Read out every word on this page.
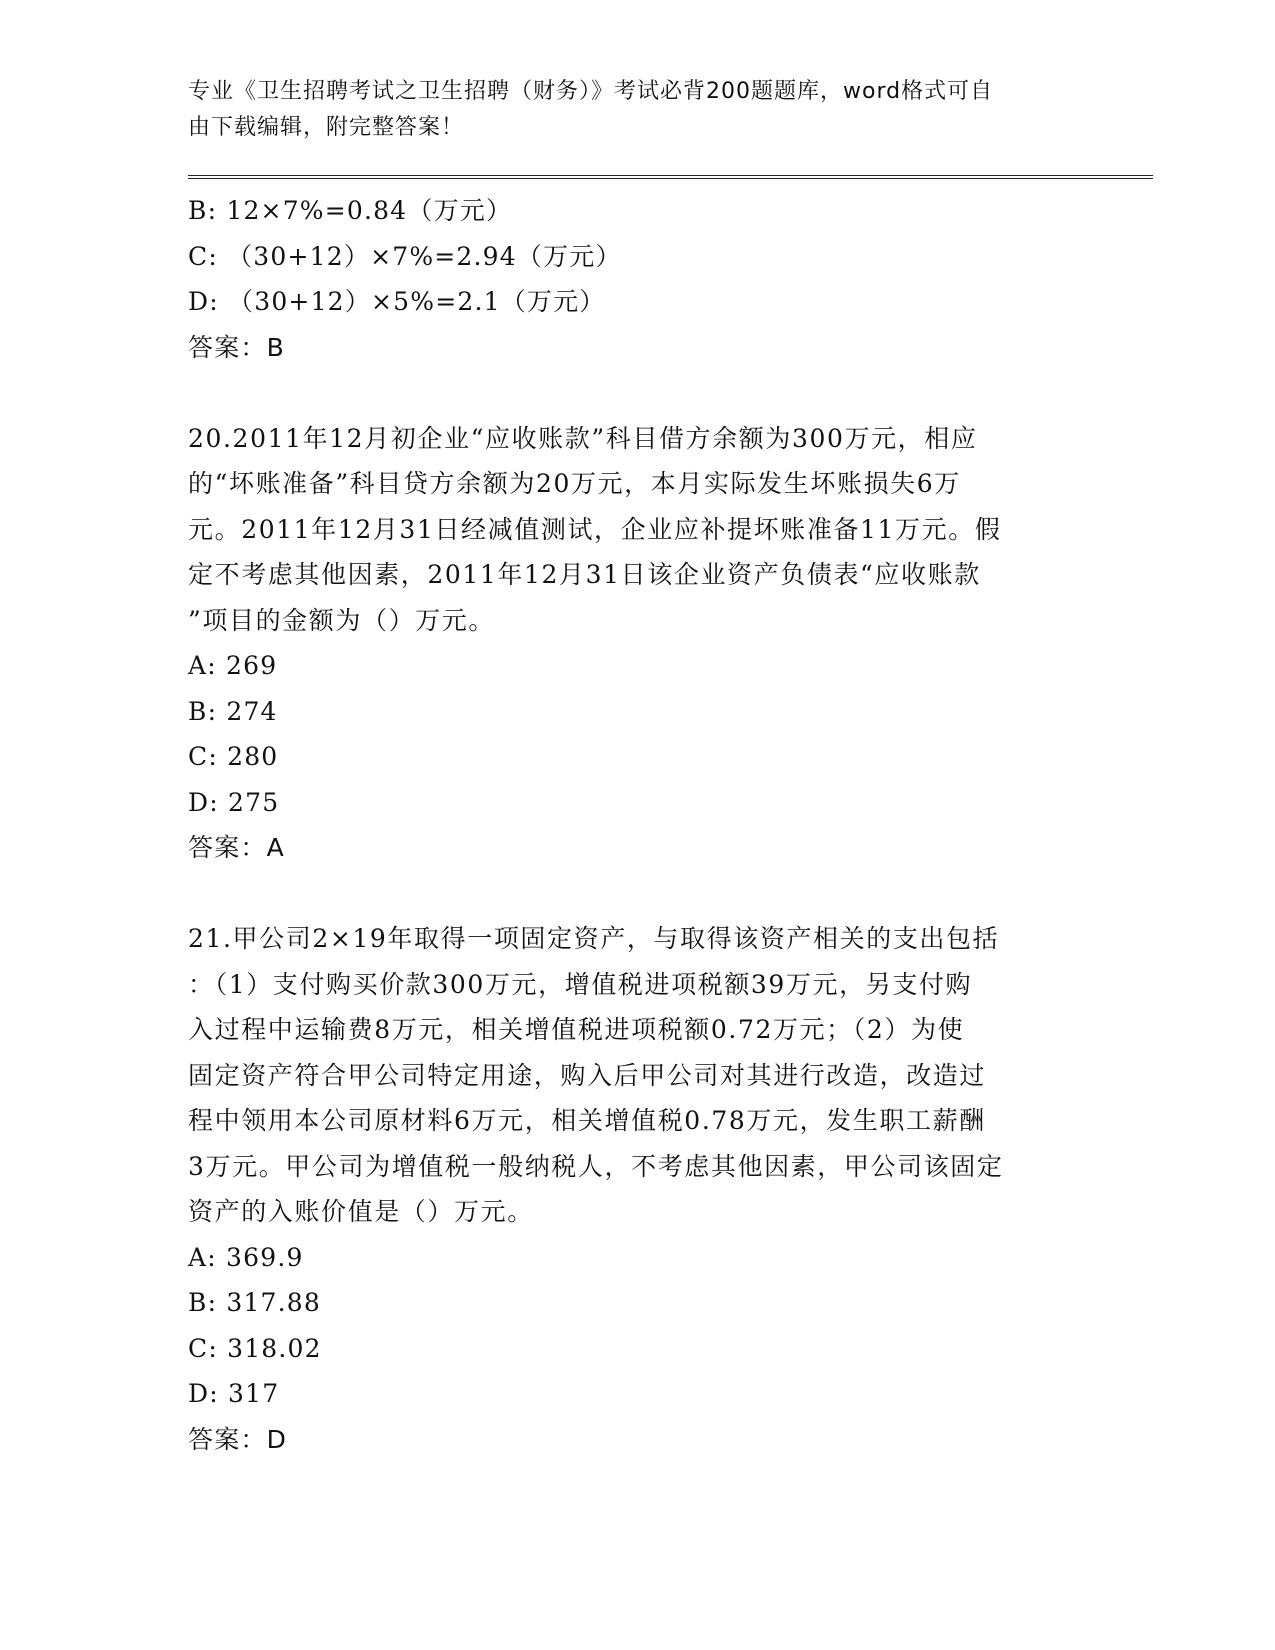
专业《卫生招聘考试之卫生招聘（财务）》考试必背200题题库，word格式可自
由下载编辑，附完整答案！
B: 12×7%=0.84（万元）
C: （30+12）×7%=2.94（万元）
D: （30+12）×5%=2.1（万元）
答案：B
20.2011年12月初企业“应收账款”科目借方余额为300万元，相应
的“坏账准备”科目贷方余额为20万元，本月实际发生坏账损失6万
元。2011年12月31日经减值测试，企业应补提坏账准备11万元。假
定不考虑其他因素，2011年12月31日该企业资产负债表“应收账款
”项目的金额为（）万元。
A: 269
B: 274
C: 280
D: 275
答案：A
21.甲公司2×19年取得一项固定资产，与取得该资产相关的支出包括
：（1）支付购买价款300万元，增值税进项税额39万元，另支付购
入过程中运输费8万元，相关增值税进项税额0.72万元；（2）为使
固定资产符合甲公司特定用途，购入后甲公司对其进行改造，改造过
程中领用本公司原材料6万元，相关增值税0.78万元，发生职工薪酬
3万元。甲公司为增值税一般纳税人，不考虑其他因素，甲公司该固定
资产的入账价值是（）万元。
A: 369.9
B: 317.88
C: 318.02
D: 317
答案：D
